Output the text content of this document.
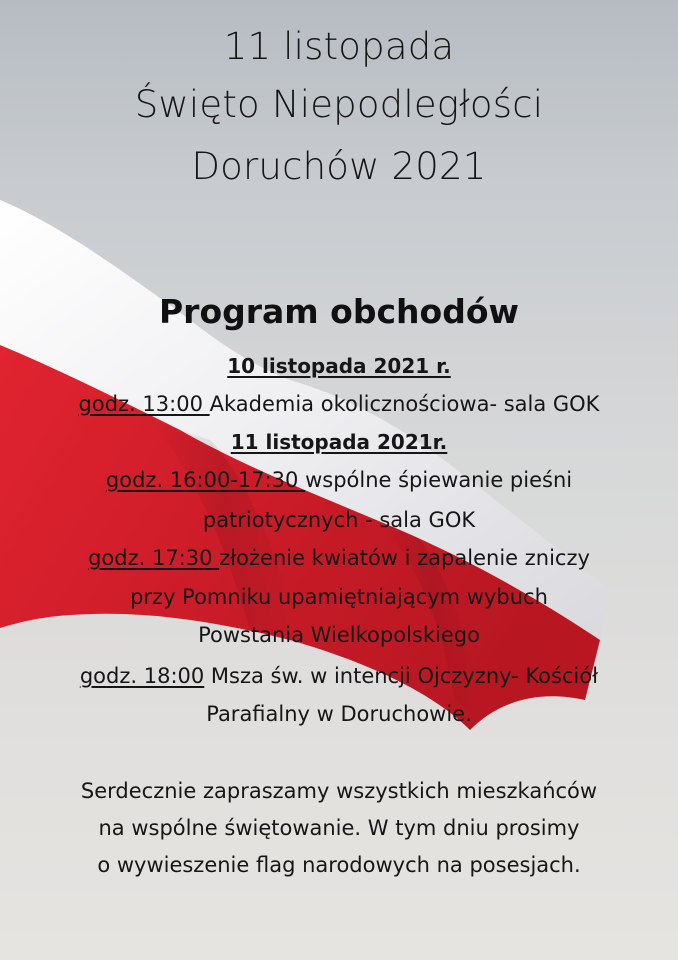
11 listopada
Święto Niepodległości
Doruchów 2021
Program obchodów
10 listopada 2021 r.
godz. 13:00 Akademia okolicznościowa- sala GOK
11 listopada 2021r.
godz. 16:00-17:30 wspólne śpiewanie pieśni
patriotycznych - sala GOK
godz. 17:30 złożenie kwiatów i zapalenie zniczy
przy Pomniku upamiętniającym wybuch
Powstania Wielkopolskiego
godz. 18:00 Msza św. w intencji Ojczyzny- Kościół
Parafialny w Doruchowie.
Serdecznie zapraszamy wszystkich mieszkańców
na wspólne świętowanie. W tym dniu prosimy
o wywieszenie flag narodowych na posesjach.
